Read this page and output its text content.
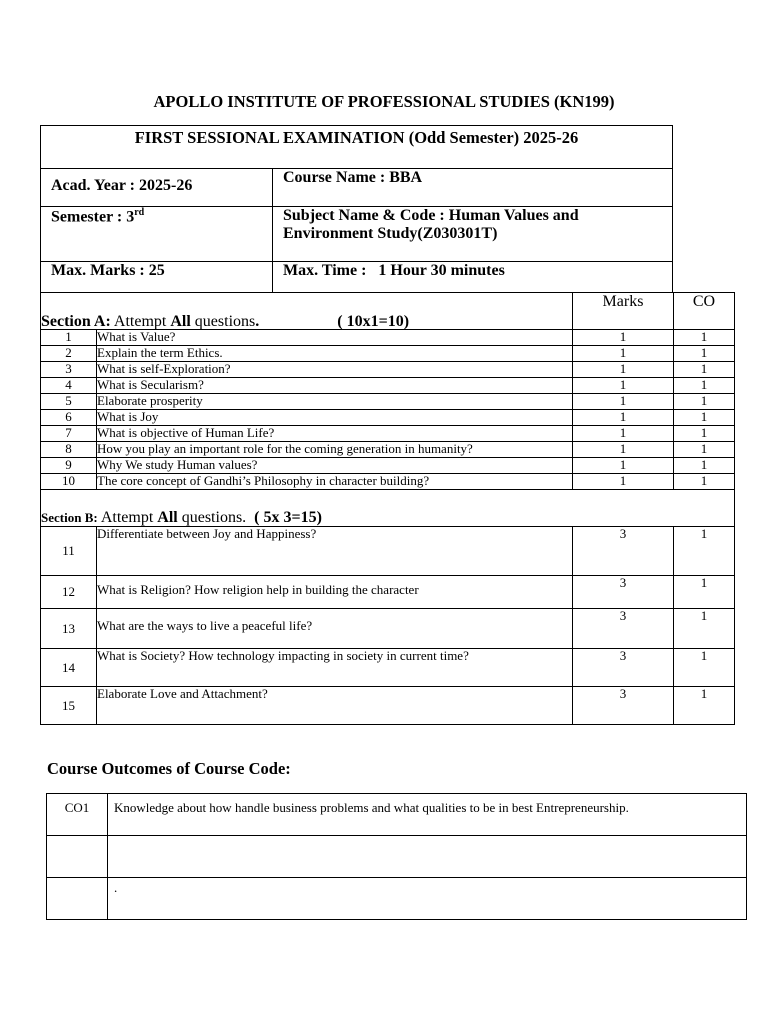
APOLLO INSTITUTE OF PROFESSIONAL STUDIES (KN199)
FIRST SESSIONAL EXAMINATION (Odd Semester) 2025-26
Acad. Year : 2025-26	Course Name : BBA
Semester : 3rd	Subject Name & Code : Human Values and
Environment Study(Z030301T)
Max. Marks : 25	Max. Time : 1 Hour 30 minutes
Section A: Attempt All questions. ( 10x1=10)		Marks	CO
1	What is Value?	1	1
2	Explain the term Ethics.	1	1
3	What is self-Exploration?	1	1
4	What is Secularism?	1	1
5	Elaborate prosperity	1	1
6	What is Joy	1	1
7	What is objective of Human Life?	1	1
8	How you play an important role for the coming generation in humanity?	1	1
9	Why We study Human values?	1	1
10	The core concept of Gandhi’s Philosophy in character building?	1	1
Section B: Attempt All questions. ( 5x 3=15)			
11	Differentiate between Joy and Happiness?	3	1
12	What is Religion? How religion help in building the character	3	1
13	What are the ways to live a peaceful life?	3	1
14	What is Society? How technology impacting in society in current time?	3	1
15	Elaborate Love and Attachment?	3	1
Course Outcomes of Course Code:
CO1	Knowledge about how handle business problems and what qualities to be in best Entrepreneurship.

	.
